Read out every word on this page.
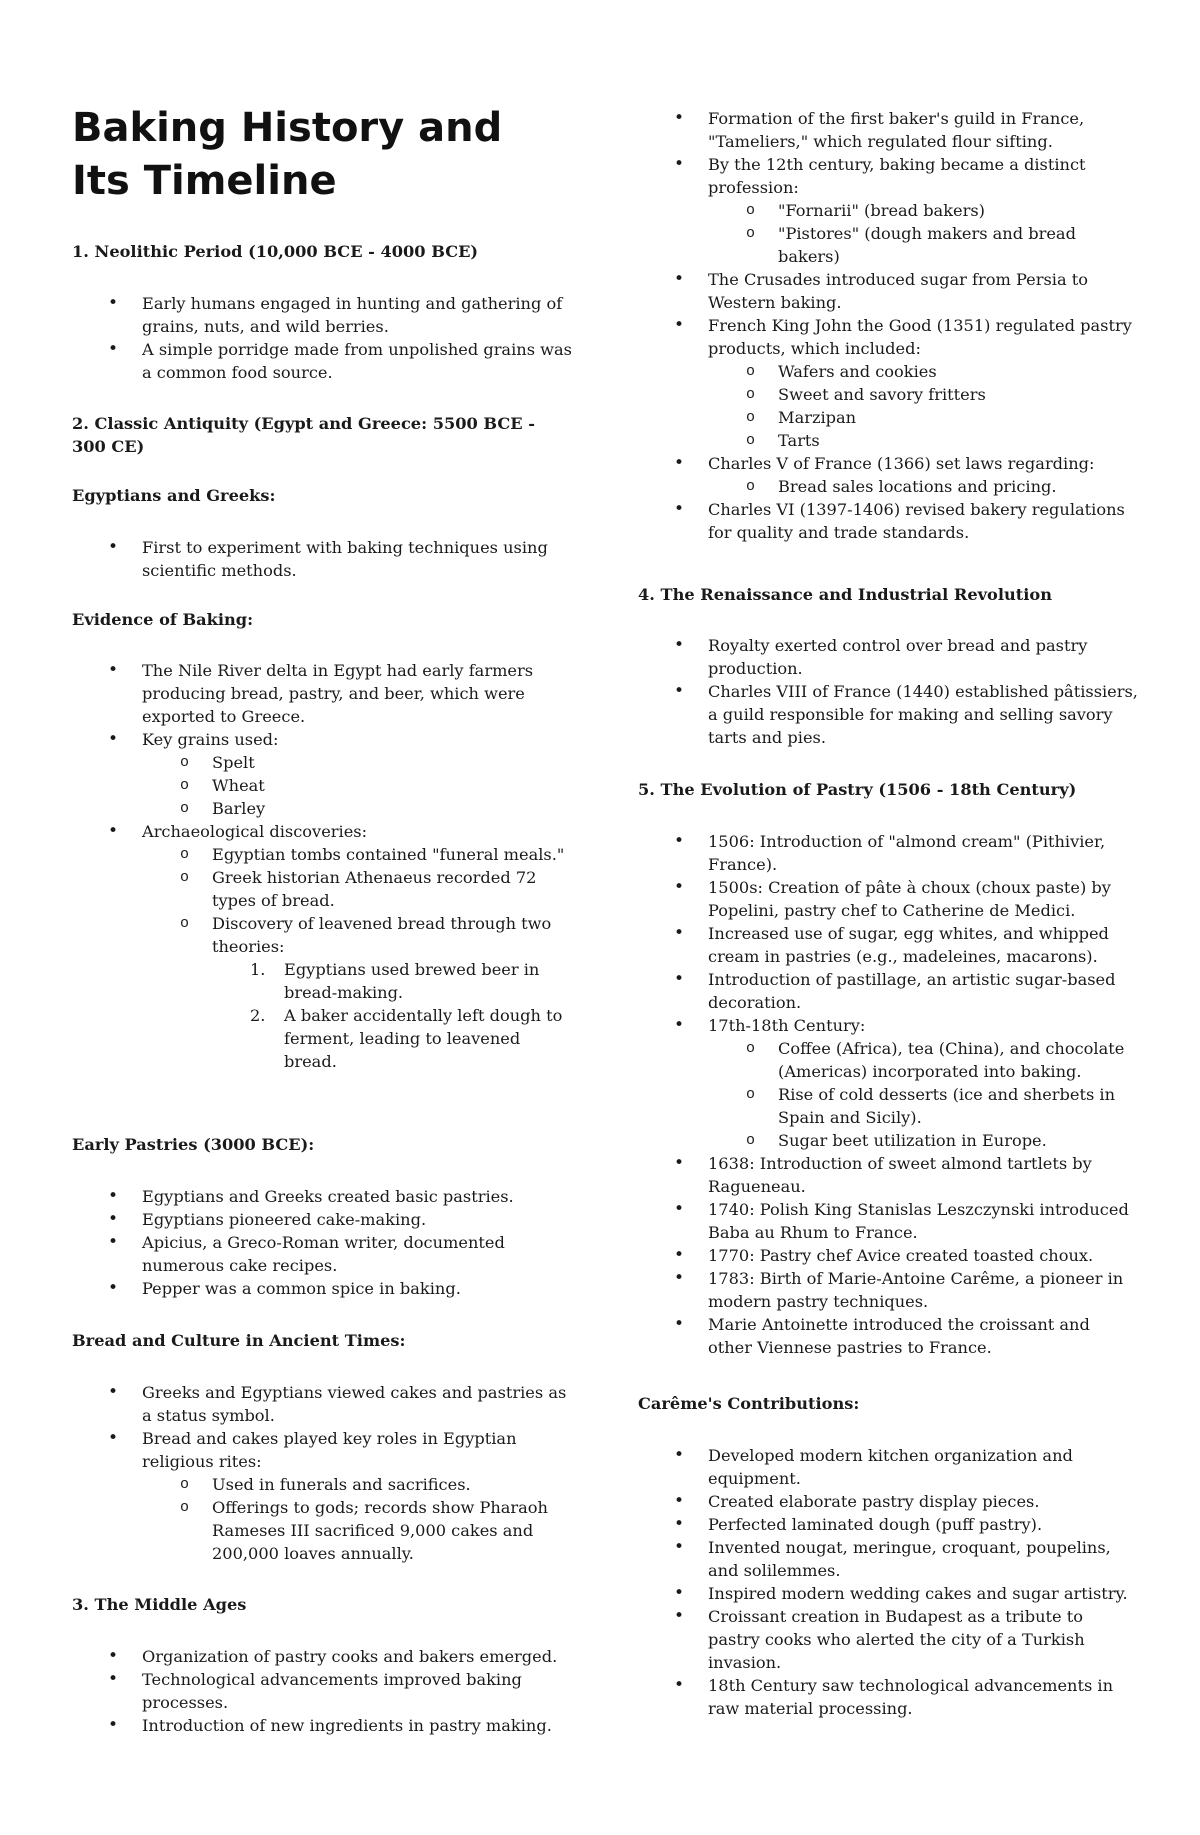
Baking History and Its Timeline
1. Neolithic Period (10,000 BCE - 4000 BCE)
• Early humans engaged in hunting and gathering of grains, nuts, and wild berries.
• A simple porridge made from unpolished grains was a common food source.
2. Classic Antiquity (Egypt and Greece: 5500 BCE - 300 CE)
Egyptians and Greeks:
• First to experiment with baking techniques using scientific methods.
Evidence of Baking:
• The Nile River delta in Egypt had early farmers producing bread, pastry, and beer, which were exported to Greece.
• Key grains used:
o Spelt
o Wheat
o Barley
• Archaeological discoveries:
o Egyptian tombs contained "funeral meals."
o Greek historian Athenaeus recorded 72 types of bread.
o Discovery of leavened bread through two theories:
1. Egyptians used brewed beer in bread-making.
2. A baker accidentally left dough to ferment, leading to leavened bread.
Early Pastries (3000 BCE):
• Egyptians and Greeks created basic pastries.
• Egyptians pioneered cake-making.
• Apicius, a Greco-Roman writer, documented numerous cake recipes.
• Pepper was a common spice in baking.
Bread and Culture in Ancient Times:
• Greeks and Egyptians viewed cakes and pastries as a status symbol.
• Bread and cakes played key roles in Egyptian religious rites:
o Used in funerals and sacrifices.
o Offerings to gods; records show Pharaoh Rameses III sacrificed 9,000 cakes and 200,000 loaves annually.
3. The Middle Ages
• Organization of pastry cooks and bakers emerged.
• Technological advancements improved baking processes.
• Introduction of new ingredients in pastry making.
• Formation of the first baker's guild in France, "Tameliers," which regulated flour sifting.
• By the 12th century, baking became a distinct profession:
o "Fornarii" (bread bakers)
o "Pistores" (dough makers and bread bakers)
• The Crusades introduced sugar from Persia to Western baking.
• French King John the Good (1351) regulated pastry products, which included:
o Wafers and cookies
o Sweet and savory fritters
o Marzipan
o Tarts
• Charles V of France (1366) set laws regarding:
o Bread sales locations and pricing.
• Charles VI (1397-1406) revised bakery regulations for quality and trade standards.
4. The Renaissance and Industrial Revolution
• Royalty exerted control over bread and pastry production.
• Charles VIII of France (1440) established pâtissiers, a guild responsible for making and selling savory tarts and pies.
5. The Evolution of Pastry (1506 - 18th Century)
• 1506: Introduction of "almond cream" (Pithivier, France).
• 1500s: Creation of pâte à choux (choux paste) by Popelini, pastry chef to Catherine de Medici.
• Increased use of sugar, egg whites, and whipped cream in pastries (e.g., madeleines, macarons).
• Introduction of pastillage, an artistic sugar-based decoration.
• 17th-18th Century:
o Coffee (Africa), tea (China), and chocolate (Americas) incorporated into baking.
o Rise of cold desserts (ice and sherbets in Spain and Sicily).
o Sugar beet utilization in Europe.
• 1638: Introduction of sweet almond tartlets by Ragueneau.
• 1740: Polish King Stanislas Leszczynski introduced Baba au Rhum to France.
• 1770: Pastry chef Avice created toasted choux.
• 1783: Birth of Marie-Antoine Carême, a pioneer in modern pastry techniques.
• Marie Antoinette introduced the croissant and other Viennese pastries to France.
Carême's Contributions:
• Developed modern kitchen organization and equipment.
• Created elaborate pastry display pieces.
• Perfected laminated dough (puff pastry).
• Invented nougat, meringue, croquant, poupelins, and solilemmes.
• Inspired modern wedding cakes and sugar artistry.
• Croissant creation in Budapest as a tribute to pastry cooks who alerted the city of a Turkish invasion.
• 18th Century saw technological advancements in raw material processing.
